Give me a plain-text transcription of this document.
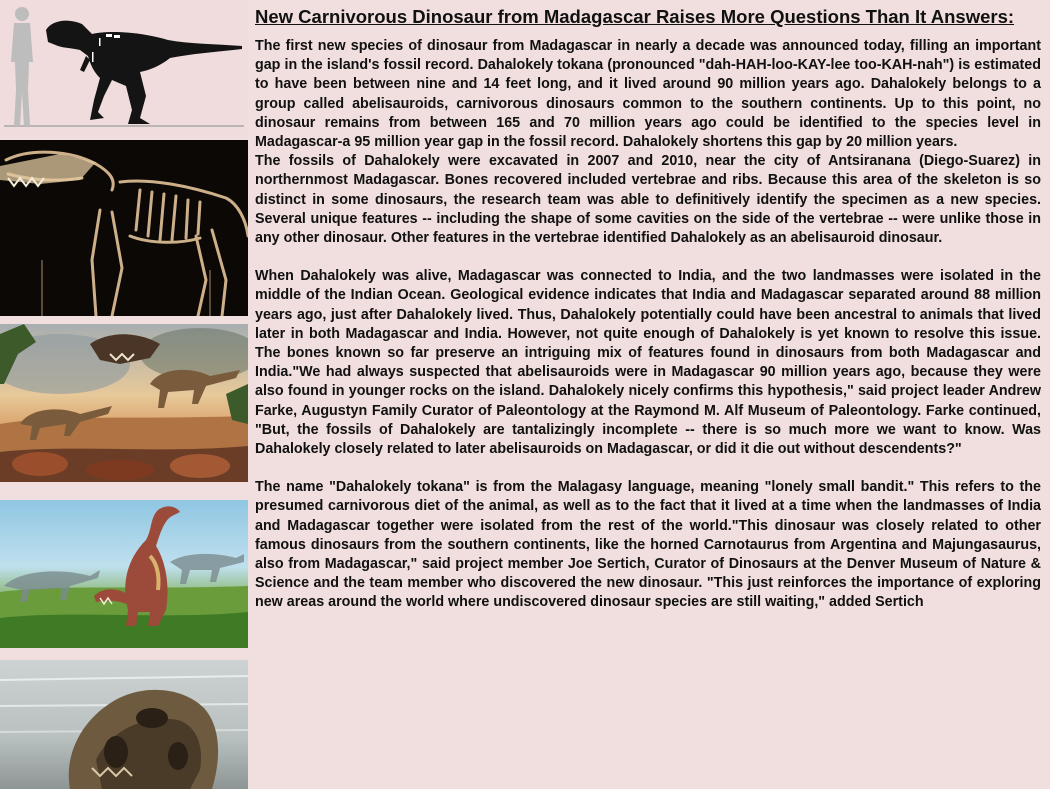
New Carnivorous Dinosaur from Madagascar Raises More Questions Than It Answers:

The first new species of dinosaur from Madagascar in nearly a decade was announced today, filling an important gap in the island's fossil record. Dahalokely tokana (pronounced "dah-HAH-loo-KAY-lee too-KAH-nah") is estimated to have been between nine and 14 feet long, and it lived around 90 million years ago. Dahalokely belongs to a group called abelisauroids, carnivorous dinosaurs common to the southern continents. Up to this point, no dinosaur remains from between 165 and 70 million years ago could be identified to the species level in Madagascar-a 95 million year gap in the fossil record. Dahalokely shortens this gap by 20 million years.

The fossils of Dahalokely were excavated in 2007 and 2010, near the city of Antsiranana (Diego-Suarez) in northernmost Madagascar. Bones recovered included vertebrae and ribs. Because this area of the skeleton is so distinct in some dinosaurs, the research team was able to definitively identify the specimen as a new species. Several unique features -- including the shape of some cavities on the side of the vertebrae -- were unlike those in any other dinosaur. Other features in the vertebrae identified Dahalokely as an abelisauroid dinosaur.

When Dahalokely was alive, Madagascar was connected to India, and the two landmasses were isolated in the middle of the Indian Ocean. Geological evidence indicates that India and Madagascar separated around 88 million years ago, just after Dahalokely lived. Thus, Dahalokely potentially could have been ancestral to animals that lived later in both Madagascar and India. However, not quite enough of Dahalokely is yet known to resolve this issue. The bones known so far preserve an intriguing mix of features found in dinosaurs from both Madagascar and India."We had always suspected that abelisauroids were in Madagascar 90 million years ago, because they were also found in younger rocks on the island. Dahalokely nicely confirms this hypothesis," said project leader Andrew Farke, Augustyn Family Curator of Paleontology at the Raymond M. Alf Museum of Paleontology. Farke continued, "But, the fossils of Dahalokely are tantalizingly incomplete -- there is so much more we want to know. Was Dahalokely closely related to later abelisauroids on Madagascar, or did it die out without descendents?"

The name "Dahalokely tokana" is from the Malagasy language, meaning "lonely small bandit." This refers to the presumed carnivorous diet of the animal, as well as to the fact that it lived at a time when the landmasses of India and Madagascar together were isolated from the rest of the world."This dinosaur was closely related to other famous dinosaurs from the southern continents, like the horned Carnotaurus from Argentina and Majungasaurus, also from Madagascar," said project member Joe Sertich, Curator of Dinosaurs at the Denver Museum of Nature & Science and the team member who discovered the new dinosaur. "This just reinforces the importance of exploring new areas around the world where undiscovered dinosaur species are still waiting," added Sertich
